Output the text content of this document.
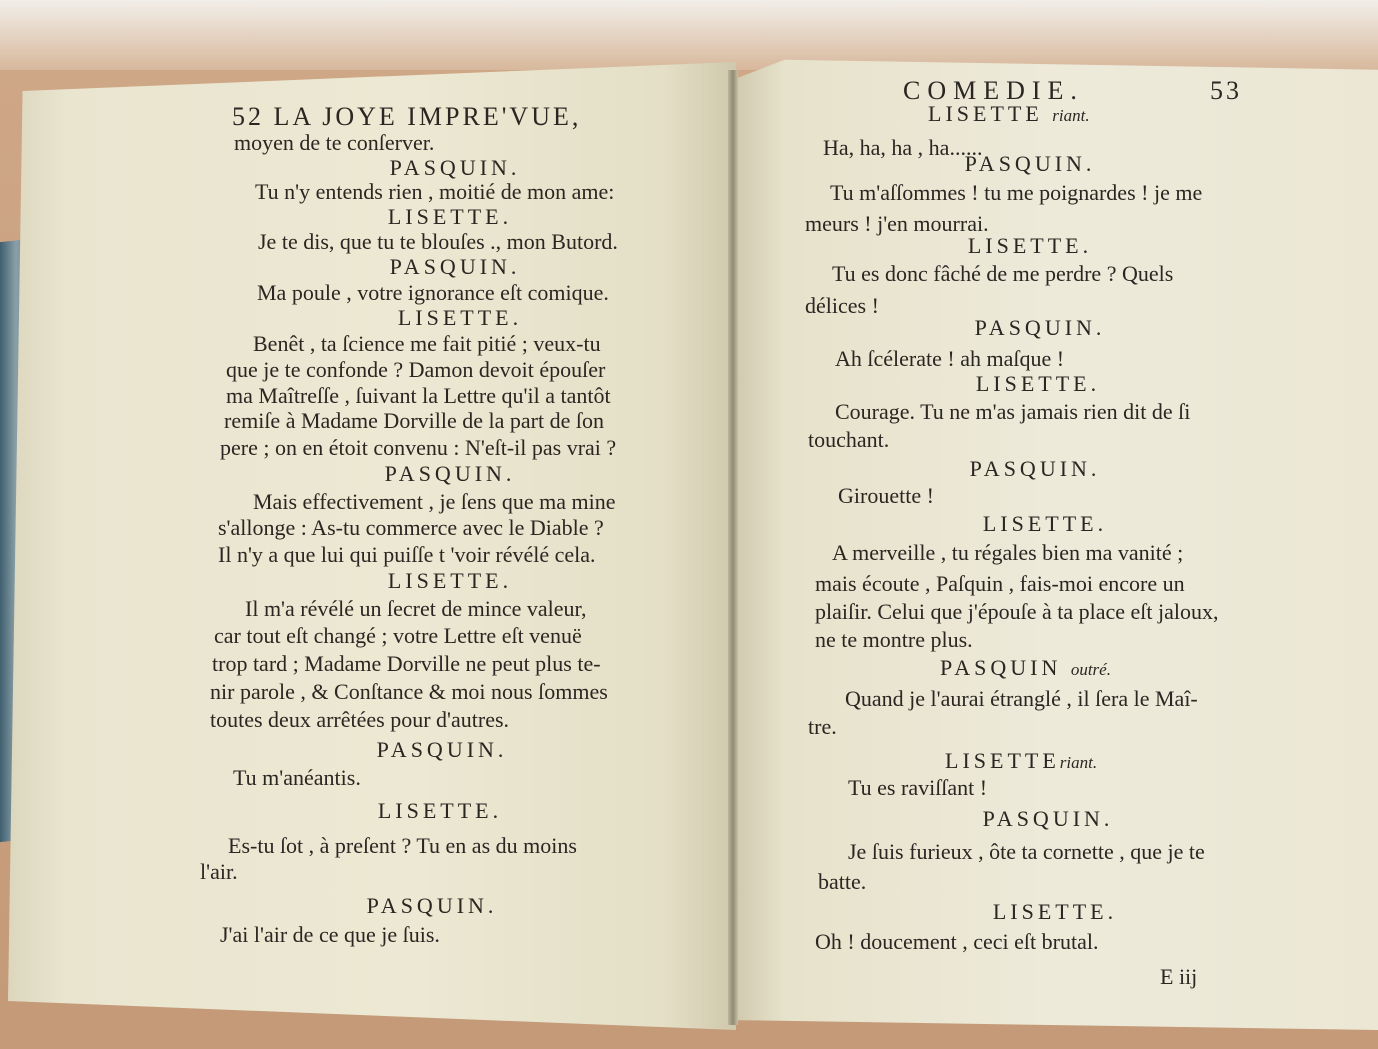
52 LA JOYE IMPRE'VUE,
moyen de te conſerver.
PASQUIN.
Tu n'y entends rien , moitié de mon ame:
LISETTE.
Je te dis, que tu te blouſes ., mon Butord.
PASQUIN.
Ma poule , votre ignorance eſt comique.
LISETTE.
Benêt , ta ſcience me fait pitié ; veux-tu
que je te confonde ? Damon devoit épouſer
ma Maîtreſſe , ſuivant la Lettre qu'il a tantôt
remiſe à Madame Dorville de la part de ſon
pere ; on en étoit convenu : N'eſt-il pas vrai ?
PASQUIN.
Mais effectivement , je ſens que ma mine
s'allonge : As-tu commerce avec le Diable ?
Il n'y a que lui qui puiſſe t 'voir révélé cela.
LISETTE.
Il m'a révélé un ſecret de mince valeur,
car tout eſt changé ; votre Lettre eſt venuë
trop tard ; Madame Dorville ne peut plus te-
nir parole , & Conſtance & moi nous ſommes
toutes deux arrêtées pour d'autres.
PASQUIN.
Tu m'anéantis.
LISETTE.
Es-tu ſot , à preſent ? Tu en as du moins
l'air.
PASQUIN.
J'ai l'air de ce que je ſuis.
COMEDIE.	53
LISETTE riant.
Ha, ha, ha , ha......
PASQUIN.
Tu m'aſſommes ! tu me poignardes ! je me
meurs ! j'en mourrai.
LISETTE.
Tu es donc fâché de me perdre ? Quels
délices !
PASQUIN.
Ah ſcélerate ! ah maſque !
LISETTE.
Courage. Tu ne m'as jamais rien dit de ſi
touchant.
PASQUIN.
Girouette !
LISETTE.
A merveille , tu régales bien ma vanité ;
mais écoute , Paſquin , fais-moi encore un
plaiſir. Celui que j'épouſe à ta place eſt jaloux,
ne te montre plus.
PASQUIN outré.
Quand je l'aurai étranglé , il ſera le Maî-
tre.
LISETTEriant.
Tu es raviſſant !
PASQUIN.
Je ſuis furieux , ôte ta cornette , que je te
batte.
LISETTE.
Oh ! doucement , ceci eſt brutal.
E iij
